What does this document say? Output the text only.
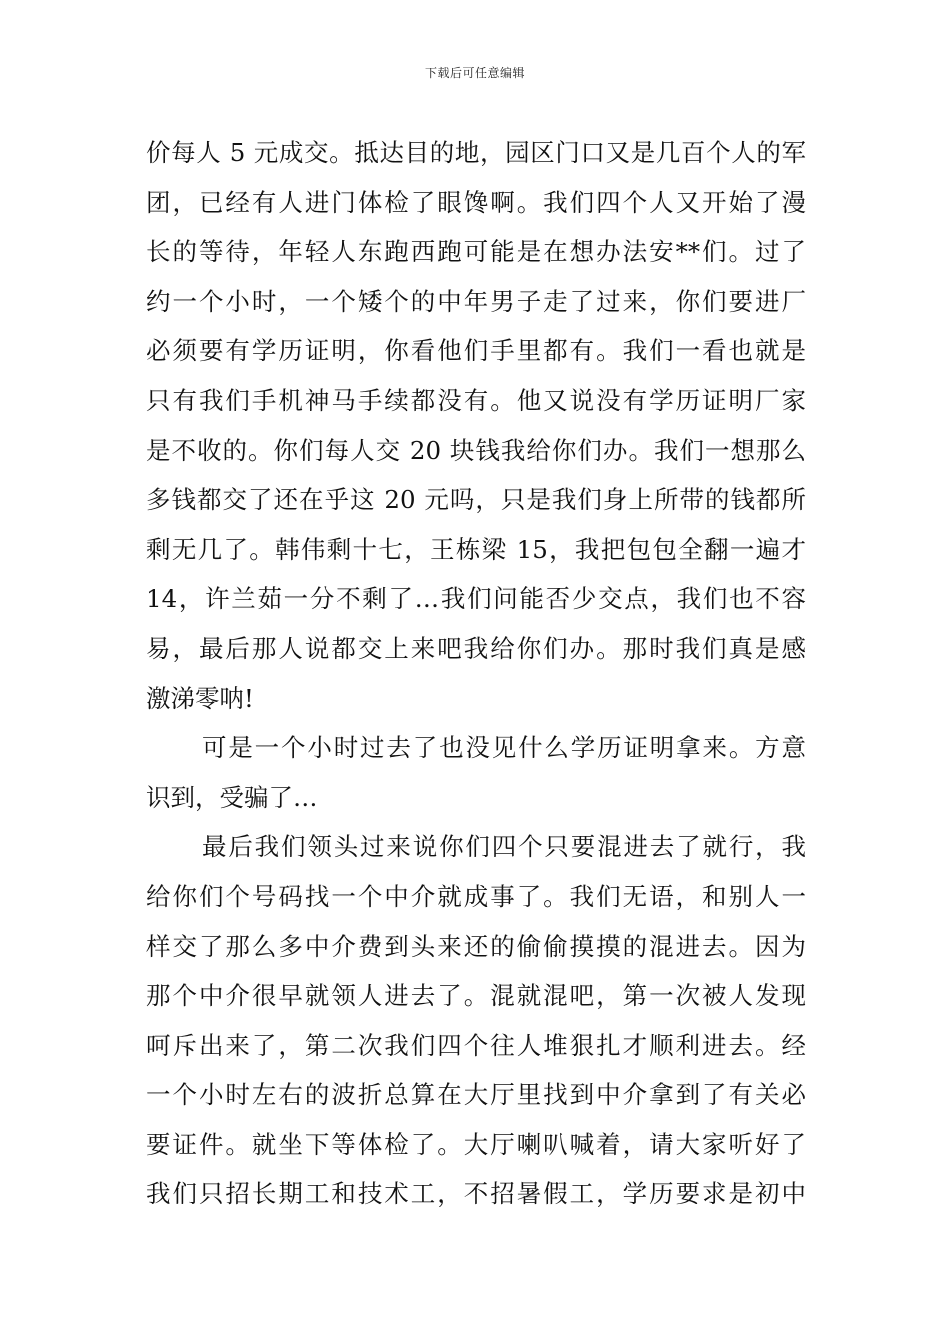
下载后可任意编辑
价每人 5 元成交。抵达目的地，园区门口又是几百个人的军
团，已经有人进门体检了眼馋啊。我们四个人又开始了漫
长的等待，年轻人东跑西跑可能是在想办法安**们。过了
约一个小时，一个矮个的中年男子走了过来，你们要进厂
必须要有学历证明，你看他们手里都有。我们一看也就是
只有我们手机神马手续都没有。他又说没有学历证明厂家
是不收的。你们每人交 20 块钱我给你们办。我们一想那么
多钱都交了还在乎这 20 元吗，只是我们身上所带的钱都所
剩无几了。韩伟剩十七，王栋梁 15，我把包包全翻一遍才
14，许兰茹一分不剩了…我们问能否少交点，我们也不容
易，最后那人说都交上来吧我给你们办。那时我们真是感
激涕零呐!
可是一个小时过去了也没见什么学历证明拿来。方意
识到，受骗了…
最后我们领头过来说你们四个只要混进去了就行，我
给你们个号码找一个中介就成事了。我们无语，和别人一
样交了那么多中介费到头来还的偷偷摸摸的混进去。因为
那个中介很早就领人进去了。混就混吧，第一次被人发现
呵斥出来了，第二次我们四个往人堆狠扎才顺利进去。经
一个小时左右的波折总算在大厅里找到中介拿到了有关必
要证件。就坐下等体检了。大厅喇叭喊着，请大家听好了
我们只招长期工和技术工，不招暑假工，学历要求是初中
